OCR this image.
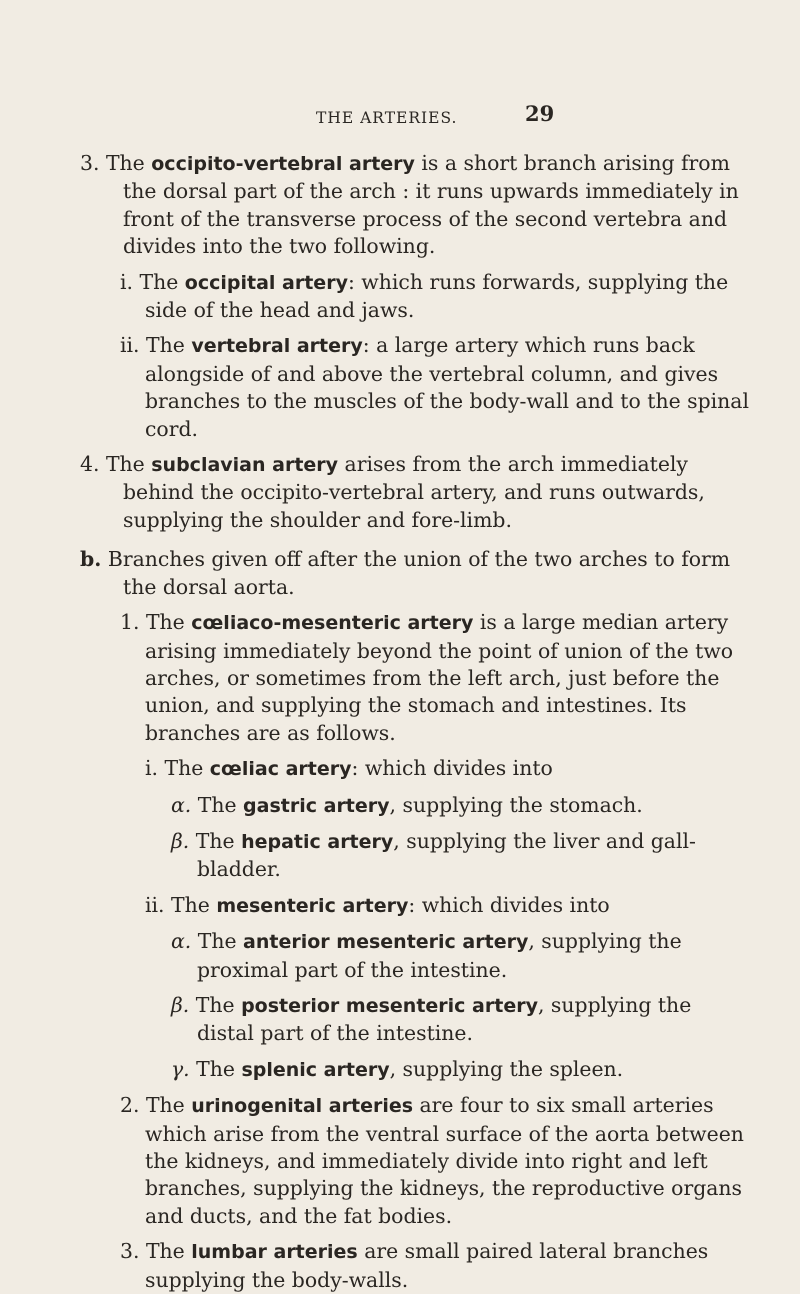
THE ARTERIES.	29

3. The occipito-vertebral artery is a short branch arising from the dorsal part of the arch : it runs upwards immediately in front of the transverse process of the second vertebra and divides into the two following.

i. The occipital artery: which runs forwards, supplying the side of the head and jaws.

ii. The vertebral artery: a large artery which runs back alongside of and above the vertebral column, and gives branches to the muscles of the body-wall and to the spinal cord.

4. The subclavian artery arises from the arch immediately behind the occipito-vertebral artery, and runs outwards, supplying the shoulder and fore-limb.

b. Branches given off after the union of the two arches to form the dorsal aorta.

1. The cœliaco-mesenteric artery is a large median artery arising immediately beyond the point of union of the two arches, or sometimes from the left arch, just before the union, and supplying the stomach and intestines. Its branches are as follows.

i. The cœliac artery: which divides into

α. The gastric artery, supplying the stomach.

β. The hepatic artery, supplying the liver and gall-bladder.

ii. The mesenteric artery: which divides into

α. The anterior mesenteric artery, supplying the proximal part of the intestine.

β. The posterior mesenteric artery, supplying the distal part of the intestine.

γ. The splenic artery, supplying the spleen.

2. The urinogenital arteries are four to six small arteries which arise from the ventral surface of the aorta between the kidneys, and immediately divide into right and left branches, supplying the kidneys, the reproductive organs and ducts, and the fat bodies.

3. The lumbar arteries are small paired lateral branches supplying the body-walls.
